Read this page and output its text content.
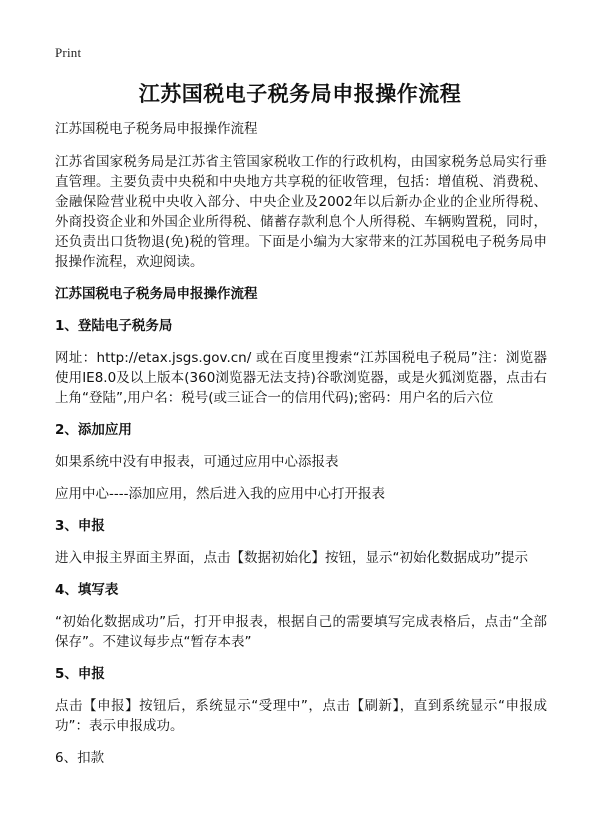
Print
江苏国税电子税务局申报操作流程

江苏国税电子税务局申报操作流程

江苏省国家税务局是江苏省主管国家税收工作的行政机构，由国家税务总局实行垂直管理。主要负责中央税和中央地方共享税的征收管理，包括：增值税、消费税、金融保险营业税中央收入部分、中央企业及2002年以后新办企业的企业所得税、外商投资企业和外国企业所得税、储蓄存款利息个人所得税、车辆购置税，同时，还负责出口货物退(免)税的管理。下面是小编为大家带来的江苏国税电子税务局申报操作流程，欢迎阅读。

江苏国税电子税务局申报操作流程

1、登陆电子税务局

网址：http://etax.jsgs.gov.cn/ 或在百度里搜索“江苏国税电子税局”注：浏览器使用IE8.0及以上版本(360浏览器无法支持)谷歌浏览器，或是火狐浏览器，点击右上角“登陆”,用户名：税号(或三证合一的信用代码);密码：用户名的后六位

2、添加应用

如果系统中没有申报表，可通过应用中心添报表

应用中心----添加应用，然后进入我的应用中心打开报表

3、申报

进入申报主界面主界面，点击【数据初始化】按钮，显示“初始化数据成功”提示

4、填写表

“初始化数据成功”后，打开申报表，根据自己的需要填写完成表格后，点击“全部保存”。不建议每步点“暂存本表”

5、申报

点击【申报】按钮后，系统显示“受理中”，点击【刷新】，直到系统显示“申报成功”：表示申报成功。

6、扣款
